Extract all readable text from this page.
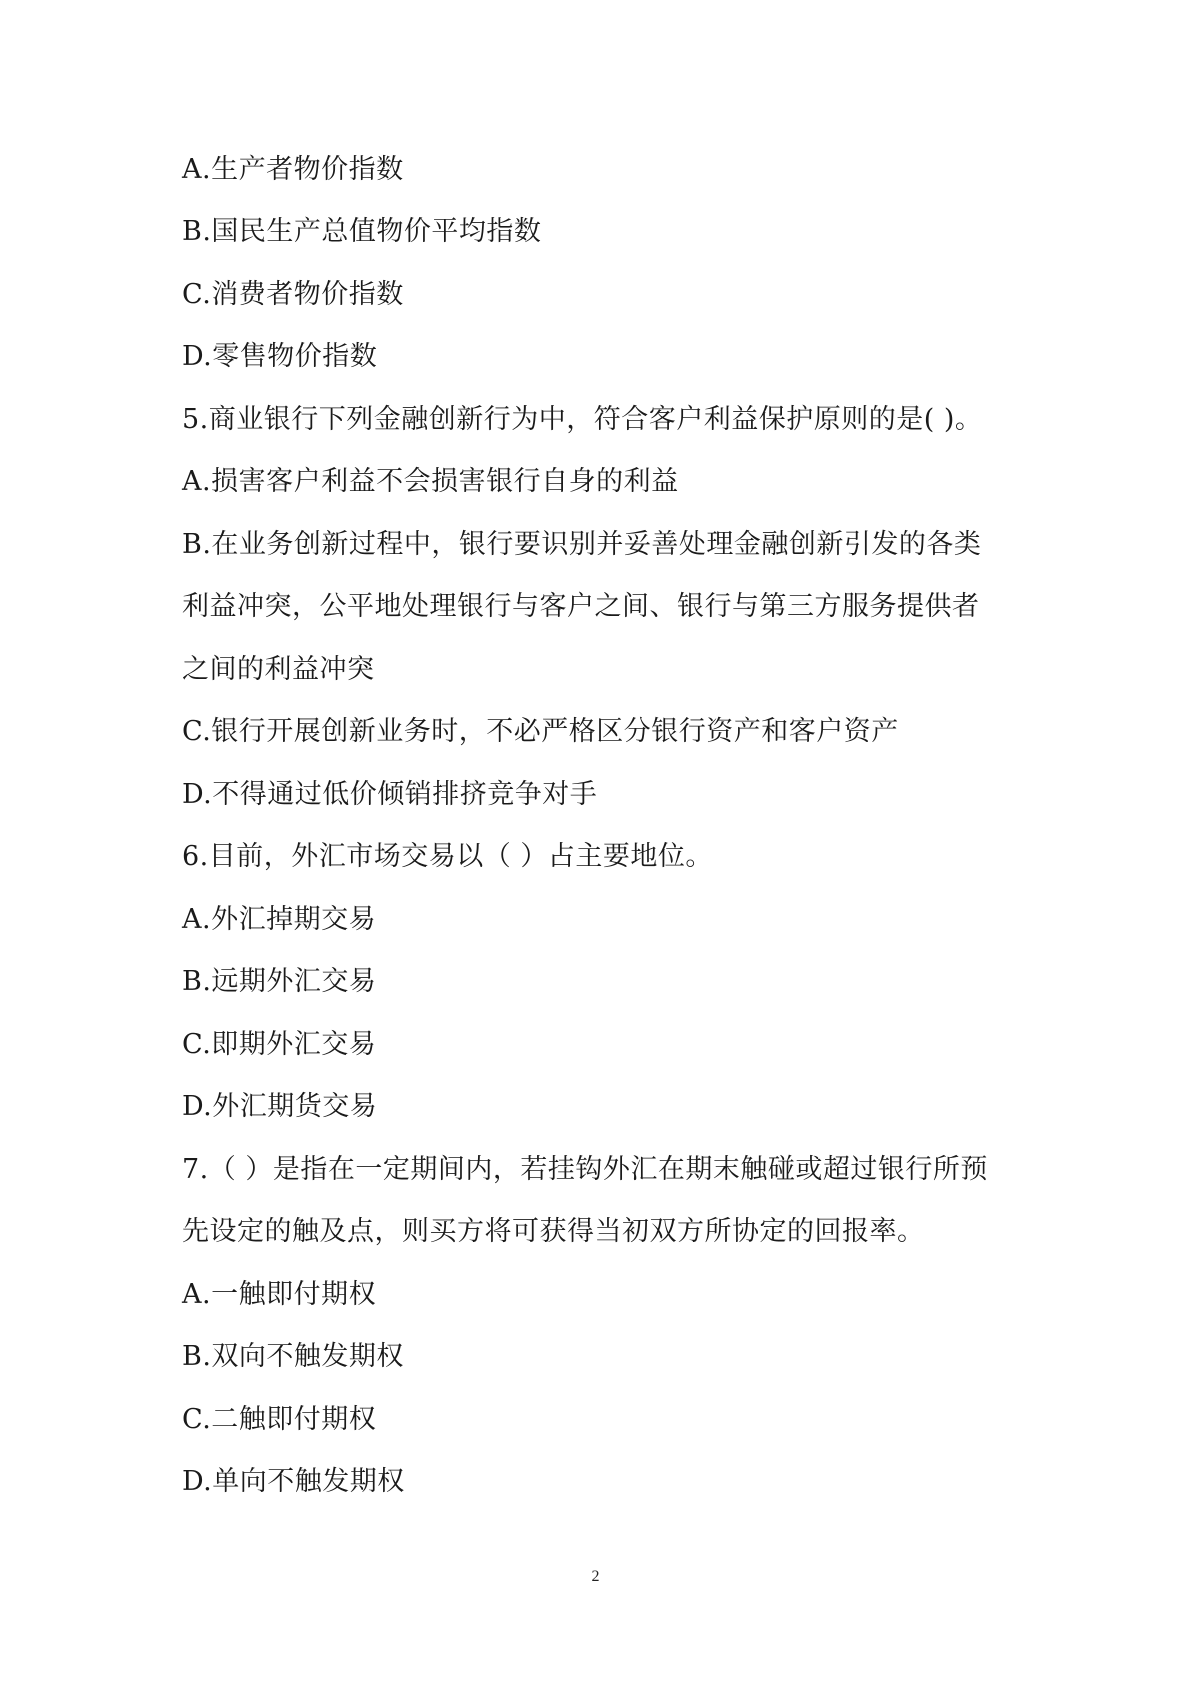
A.生产者物价指数
B.国民生产总值物价平均指数
C.消费者物价指数
D.零售物价指数
5.商业银行下列金融创新行为中，符合客户利益保护原则的是( )。
A.损害客户利益不会损害银行自身的利益
B.在业务创新过程中，银行要识别并妥善处理金融创新引发的各类
利益冲突，公平地处理银行与客户之间、银行与第三方服务提供者
之间的利益冲突
C.银行开展创新业务时，不必严格区分银行资产和客户资产
D.不得通过低价倾销排挤竞争对手
6.目前，外汇市场交易以（ ）占主要地位。
A.外汇掉期交易
B.远期外汇交易
C.即期外汇交易
D.外汇期货交易
7.（ ）是指在一定期间内，若挂钩外汇在期末触碰或超过银行所预
先设定的触及点，则买方将可获得当初双方所协定的回报率。
A.一触即付期权
B.双向不触发期权
C.二触即付期权
D.单向不触发期权
2
